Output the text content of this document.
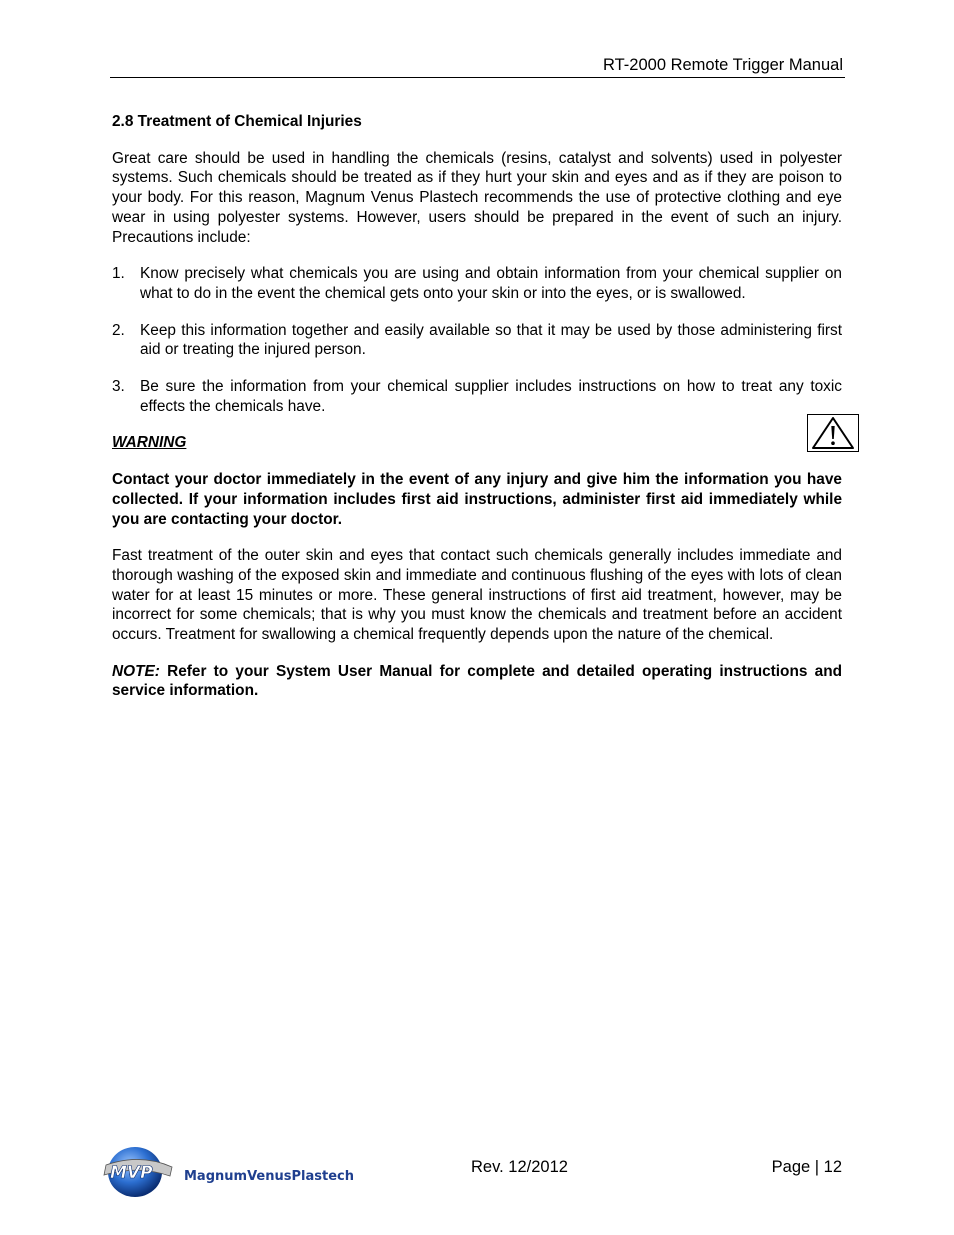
RT-2000 Remote Trigger Manual

2.8 Treatment of Chemical Injuries

Great care should be used in handling the chemicals (resins, catalyst and solvents) used in polyester systems. Such chemicals should be treated as if they hurt your skin and eyes and as if they are poison to your body. For this reason, Magnum Venus Plastech recommends the use of protective clothing and eye wear in using polyester systems. However, users should be prepared in the event of such an injury. Precautions include:

1. Know precisely what chemicals you are using and obtain information from your chemical supplier on what to do in the event the chemical gets onto your skin or into the eyes, or is swallowed.
2. Keep this information together and easily available so that it may be used by those administering first aid or treating the injured person.
3. Be sure the information from your chemical supplier includes instructions on how to treat any toxic effects the chemicals have.

WARNING

Contact your doctor immediately in the event of any injury and give him the information you have collected. If your information includes first aid instructions, administer first aid immediately while you are contacting your doctor.

Fast treatment of the outer skin and eyes that contact such chemicals generally includes immediate and thorough washing of the exposed skin and immediate and continuous flushing of the eyes with lots of clean water for at least 15 minutes or more. These general instructions of first aid treatment, however, may be incorrect for some chemicals; that is why you must know the chemicals and treatment before an accident occurs. Treatment for swallowing a chemical frequently depends upon the nature of the chemical.

NOTE: Refer to your System User Manual for complete and detailed operating instructions and service information.

MVP MagnumVenusPlastech
Rev. 12/2012	Page | 12
